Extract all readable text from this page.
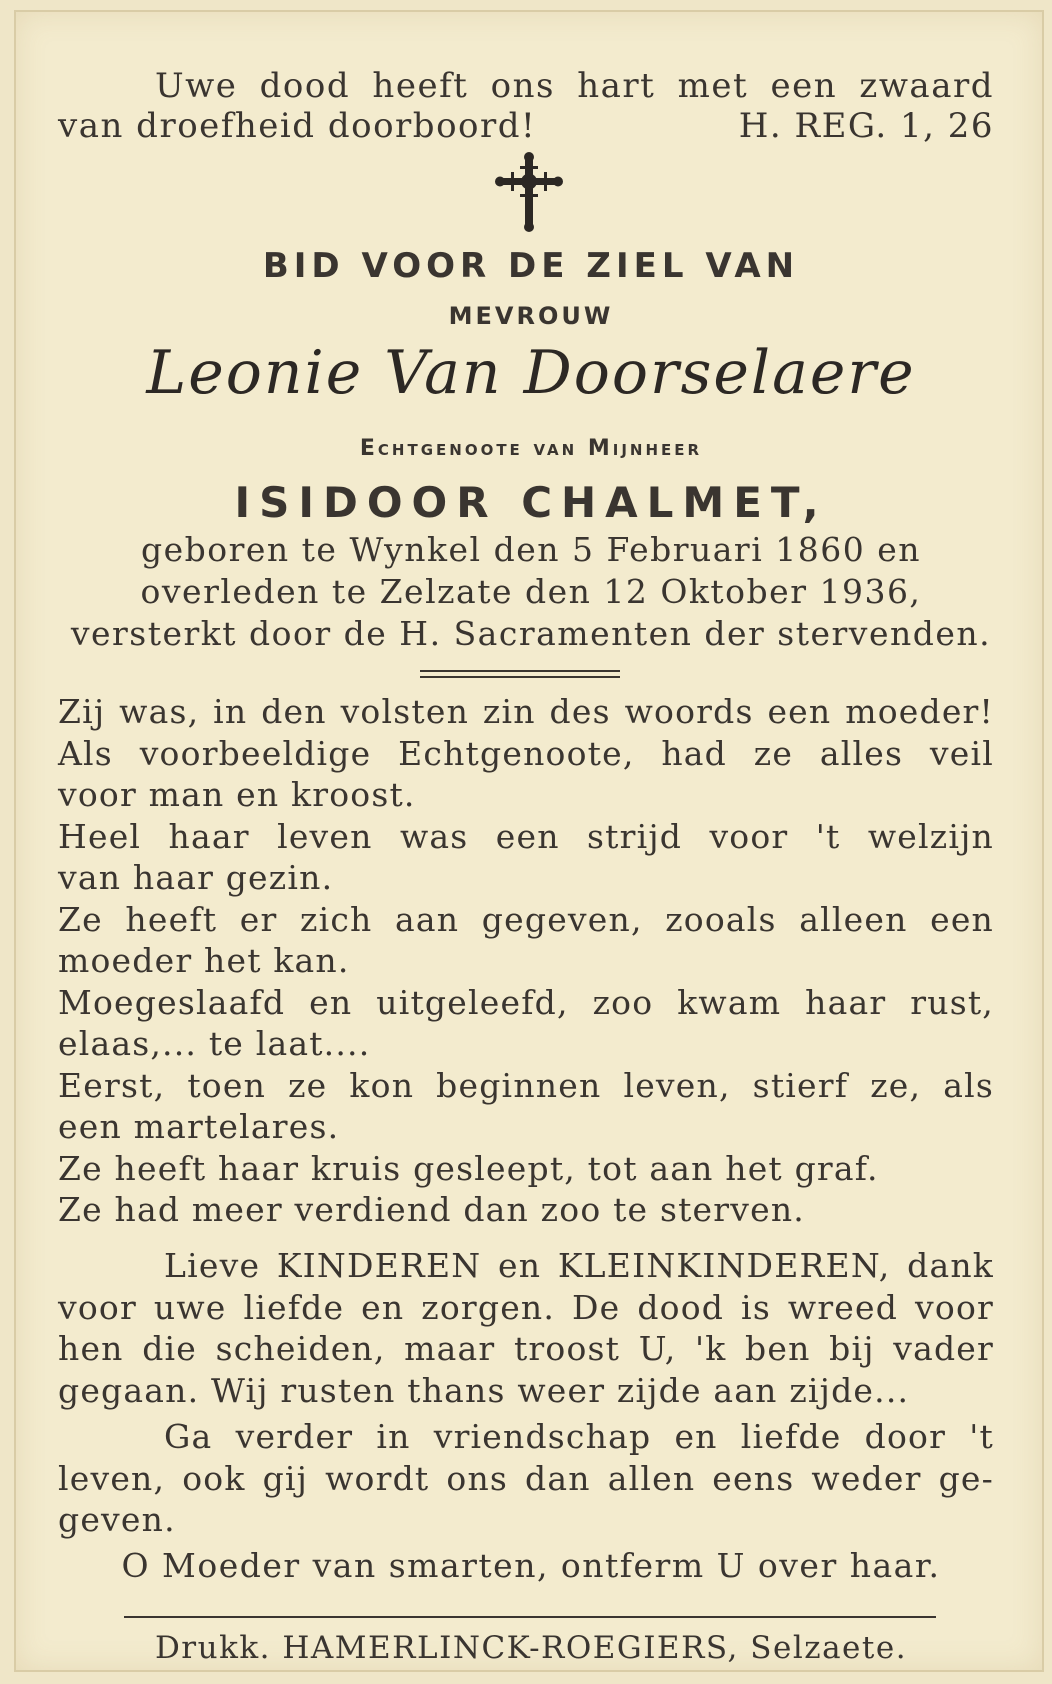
Uwe dood heeft ons hart met een zwaard
van droefheid doorboord!	H. REG. 1, 26
BID VOOR DE ZIEL VAN
MEVROUW
Leonie Van Doorselaere
Echtgenoote van Mijnheer
ISIDOOR CHALMET,
geboren te Wynkel den 5 Februari 1860 en
overleden te Zelzate den 12 Oktober 1936,
versterkt door de H. Sacramenten der stervenden.
Zij was, in den volsten zin des woords een moeder!
Als voorbeeldige Echtgenoote, had ze alles veil
voor man en kroost.
Heel haar leven was een strijd voor 't welzijn
van haar gezin.
Ze heeft er zich aan gegeven, zooals alleen een
moeder het kan.
Moegeslaafd en uitgeleefd, zoo kwam haar rust,
elaas,... te laat....
Eerst, toen ze kon beginnen leven, stierf ze, als
een martelares.
Ze heeft haar kruis gesleept, tot aan het graf.
Ze had meer verdiend dan zoo te sterven.
Lieve KINDEREN en KLEINKINDEREN, dank
voor uwe liefde en zorgen. De dood is wreed voor
hen die scheiden, maar troost U, 'k ben bij vader
gegaan. Wij rusten thans weer zijde aan zijde...
Ga verder in vriendschap en liefde door 't
leven, ook gij wordt ons dan allen eens weder ge-
geven.
O Moeder van smarten, ontferm U over haar.
Drukk. HAMERLINCK-ROEGIERS, Selzaete.
